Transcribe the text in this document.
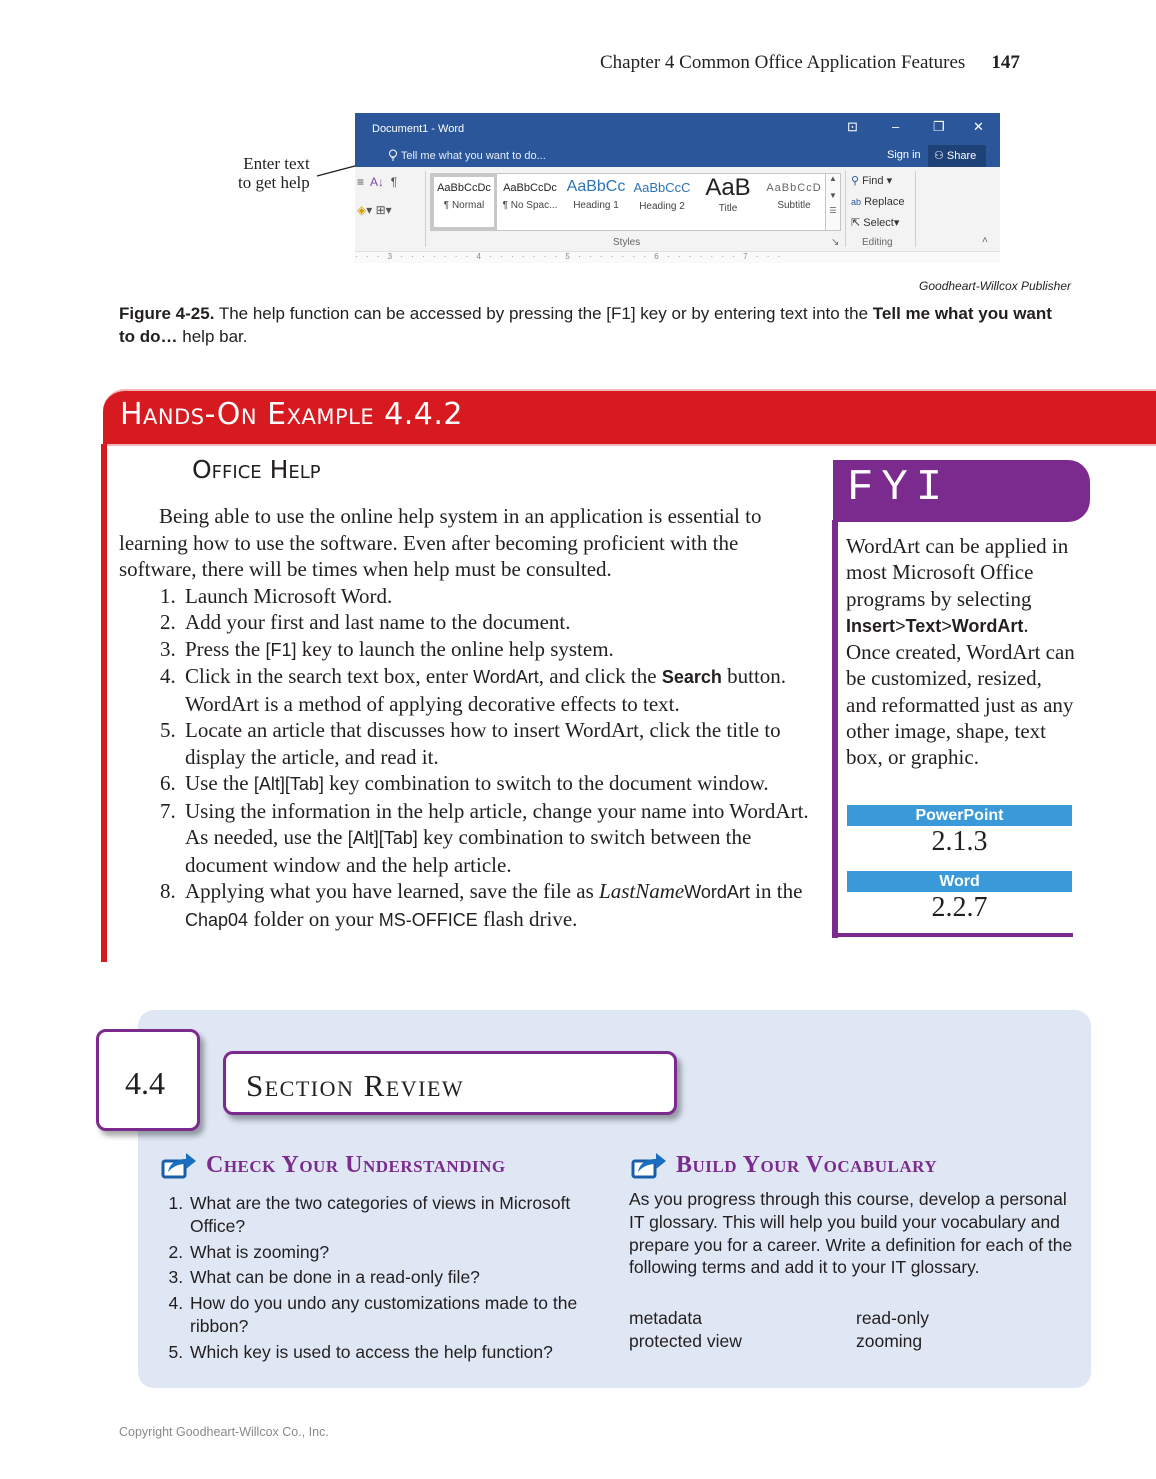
Chapter 4 Common Office Application Features 147
Enter text
to get help
Document1 - Word	⊡	–	❐ ✕
Tell me what you want to do...	Sign in	⚇ Share
≡ A↓ ¶

◈▾ ⊞▾
AaBbCcDc
¶ Normal
AaBbCcDc
¶ No Spac...
AaBbCc
Heading 1
AaBbCcC
Heading 2
AaB
Title
AaBbCcD
Subtitle
▲
▼
☰
Styles	↘
⚲ Find ▾
ab Replace
⇱ Select▾
Editing	˄
· · · 3 · · · · · · · 4 · · · · · · · 5 · · · · · · · 6 · · · · · · · 7 · · ·
Goodheart-Willcox Publisher
Figure 4-25. The help function can be accessed by pressing the [F1] key or by entering text into the Tell me what you want to do… help bar.
Hands-On Example 4.4.2
Office Help

Being able to use the online help system in an application is essential to learning how to use the software. Even after becoming proficient with the software, there will be times when help must be consulted.

1. Launch Microsoft Word.
2. Add your first and last name to the document.
3. Press the [F1] key to launch the online help system.
4. Click in the search text box, enter WordArt, and click the Search button. WordArt is a method of applying decorative effects to text.
5. Locate an article that discusses how to insert WordArt, click the title to display the article, and read it.
6. Use the [Alt][Tab] key combination to switch to the document window.
7. Using the information in the help article, change your name into WordArt. As needed, use the [Alt][Tab] key combination to switch between the document window and the help article.
8. Applying what you have learned, save the file as LastNameWordArt in the Chap04 folder on your MS-OFFICE flash drive.
FYI
WordArt can be applied in most Microsoft Office programs by selecting Insert>Text>WordArt. Once created, WordArt can be customized, resized, and reformatted just as any other image, shape, text box, or graphic.
PowerPoint
2.1.3
Word
2.2.7
4.4	Section Review
Check Your Understanding
1. What are the two categories of views in Microsoft Office?
2. What is zooming?
3. What can be done in a read-only file?
4. How do you undo any customizations made to the ribbon?
5. Which key is used to access the help function?
Build Your Vocabulary
As you progress through this course, develop a personal IT glossary. This will help you build your vocabulary and prepare you for a career. Write a definition for each of the following terms and add it to your IT glossary.
metadata	read-only
protected view	zooming
Copyright Goodheart-Willcox Co., Inc.
